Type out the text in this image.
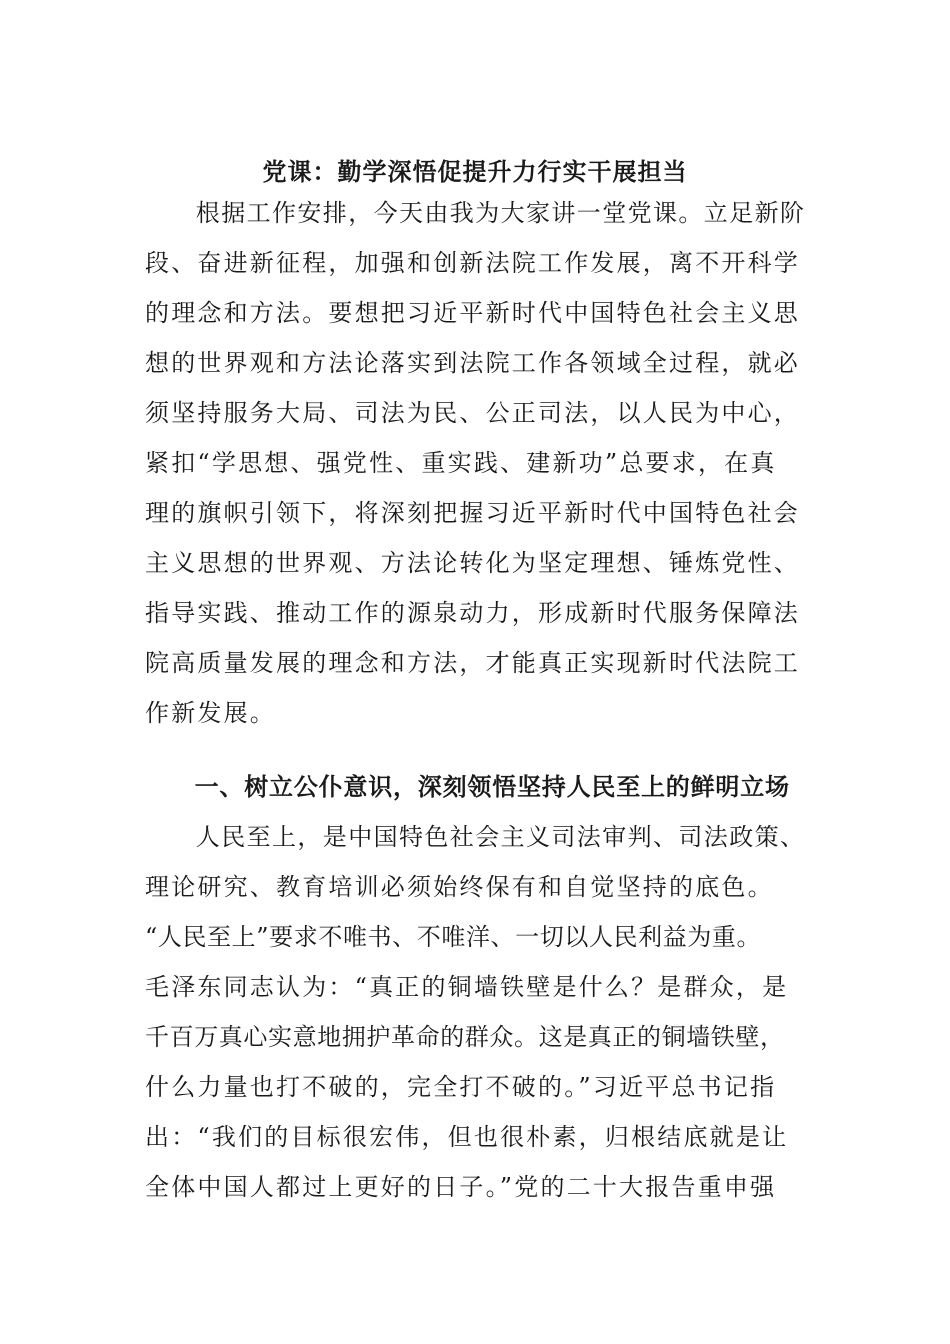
党课：勤学深悟促提升力行实干展担当
　　根据工作安排，今天由我为大家讲一堂党课。立足新阶
段、奋进新征程，加强和创新法院工作发展，离不开科学
的理念和方法。要想把习近平新时代中国特色社会主义思
想的世界观和方法论落实到法院工作各领域全过程，就必
须坚持服务大局、司法为民、公正司法，以人民为中心，
紧扣“学思想、强党性、重实践、建新功”总要求，在真
理的旗帜引领下，将深刻把握习近平新时代中国特色社会
主义思想的世界观、方法论转化为坚定理想、锤炼党性、
指导实践、推动工作的源泉动力，形成新时代服务保障法
院高质量发展的理念和方法，才能真正实现新时代法院工
作新发展。
　　一、树立公仆意识，深刻领悟坚持人民至上的鲜明立场
　　人民至上，是中国特色社会主义司法审判、司法政策、
理论研究、教育培训必须始终保有和自觉坚持的底色。
“人民至上”要求不唯书、不唯洋、一切以人民利益为重。
毛泽东同志认为：“真正的铜墙铁壁是什么？是群众，是
千百万真心实意地拥护革命的群众。这是真正的铜墙铁壁，
什么力量也打不破的，完全打不破的。”习近平总书记指
出：“我们的目标很宏伟，但也很朴素，归根结底就是让
全体中国人都过上更好的日子。”党的二十大报告重申强
